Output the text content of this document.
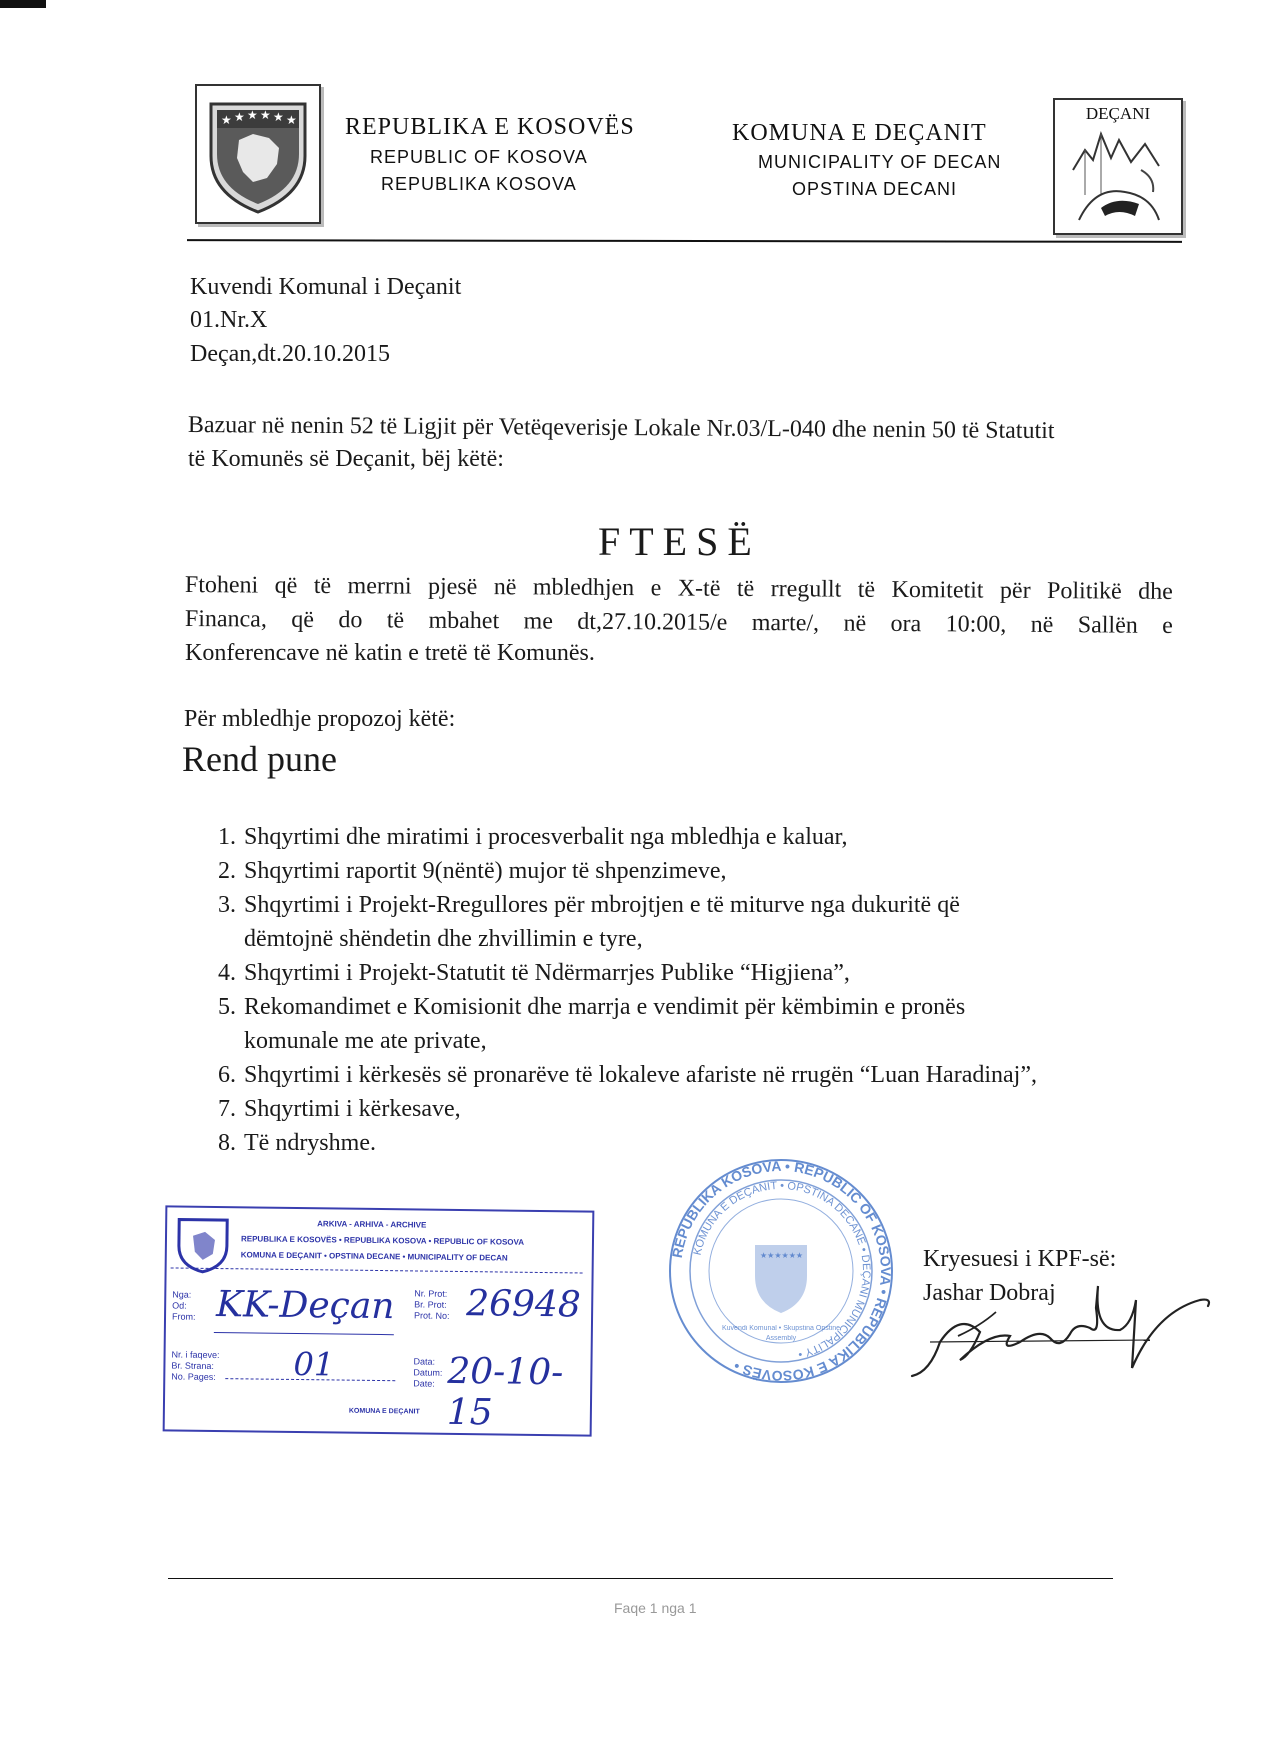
★ ★ ★ ★ ★ ★ REPUBLIKA E KOSOVËS
REPUBLIC OF KOSOVA
REPUBLIKA KOSOVA
KOMUNA E DEÇANIT
MUNICIPALITY OF DECAN
OPSTINA DECANI
DEÇANI
Kuvendi Komunal i Deçanit
01.Nr.X
Deçan,dt.20.10.2015
Bazuar në nenin 52 të Ligjit për Vetëqeverisje Lokale Nr.03/L-040 dhe nenin 50 të Statutit
të Komunës së Deçanit, bëj këtë:
FTESË
Ftoheni që të merrni pjesë në mbledhjen e X-të të rregullt të Komitetit për Politikë dhe
Financa, që do të mbahet me dt,27.10.2015/e marte/, në ora 10:00, në Sallën e
Konferencave në katin e tretë të Komunës.
Për mbledhje propozoj këtë:
Rend pune
1. Shqyrtimi dhe miratimi i procesverbalit nga mbledhja e kaluar,
2. Shqyrtimi raportit 9(nëntë) mujor të shpenzimeve,
3. Shqyrtimi i Projekt-Rregullores për mbrojtjen e të miturve nga dukuritë që
dëmtojnë shëndetin dhe zhvillimin e tyre,
4. Shqyrtimi i Projekt-Statutit të Ndërmarrjes Publike “Higjiena”,
5. Rekomandimet e Komisionit dhe marrja e vendimit për këmbimin e pronës
komunale me ate private,
6. Shqyrtimi i kërkesës së pronarëve të lokaleve afariste në rrugën “Luan Haradinaj”,
7. Shqyrtimi i kërkesave,
8. Të ndryshme.
ARKIVA - ARHIVA - ARCHIVE
REPUBLIKA E KOSOVËS • REPUBLIKA KOSOVA • REPUBLIC OF KOSOVA
KOMUNA E DEÇANIT • OPSTINA DECANE • MUNICIPALITY OF DECAN
Nga:
Od:
From: KK-Deçan Nr. Prot:
Br. Prot:
Prot. No: 26948
Nr. i faqeve:
Br. Strana:
No. Pages: 01	Data:
Datum:
Date: 20-10-15
KOMUNA E DEÇANIT
REPUBLIKA KOSOVA • REPUBLIC OF KOSOVA • REPUBLIKA E KOSOVËS •
KOMUNA E DEÇANIT • OPSTINA DECANE • DEÇANI MUNICIPALITY •
★★★★★★
Kuvendi Komunal • Skupstina Opstine
Assembly
Kryesuesi i KPF-së:
Jashar Dobraj
Faqe 1 nga 1
